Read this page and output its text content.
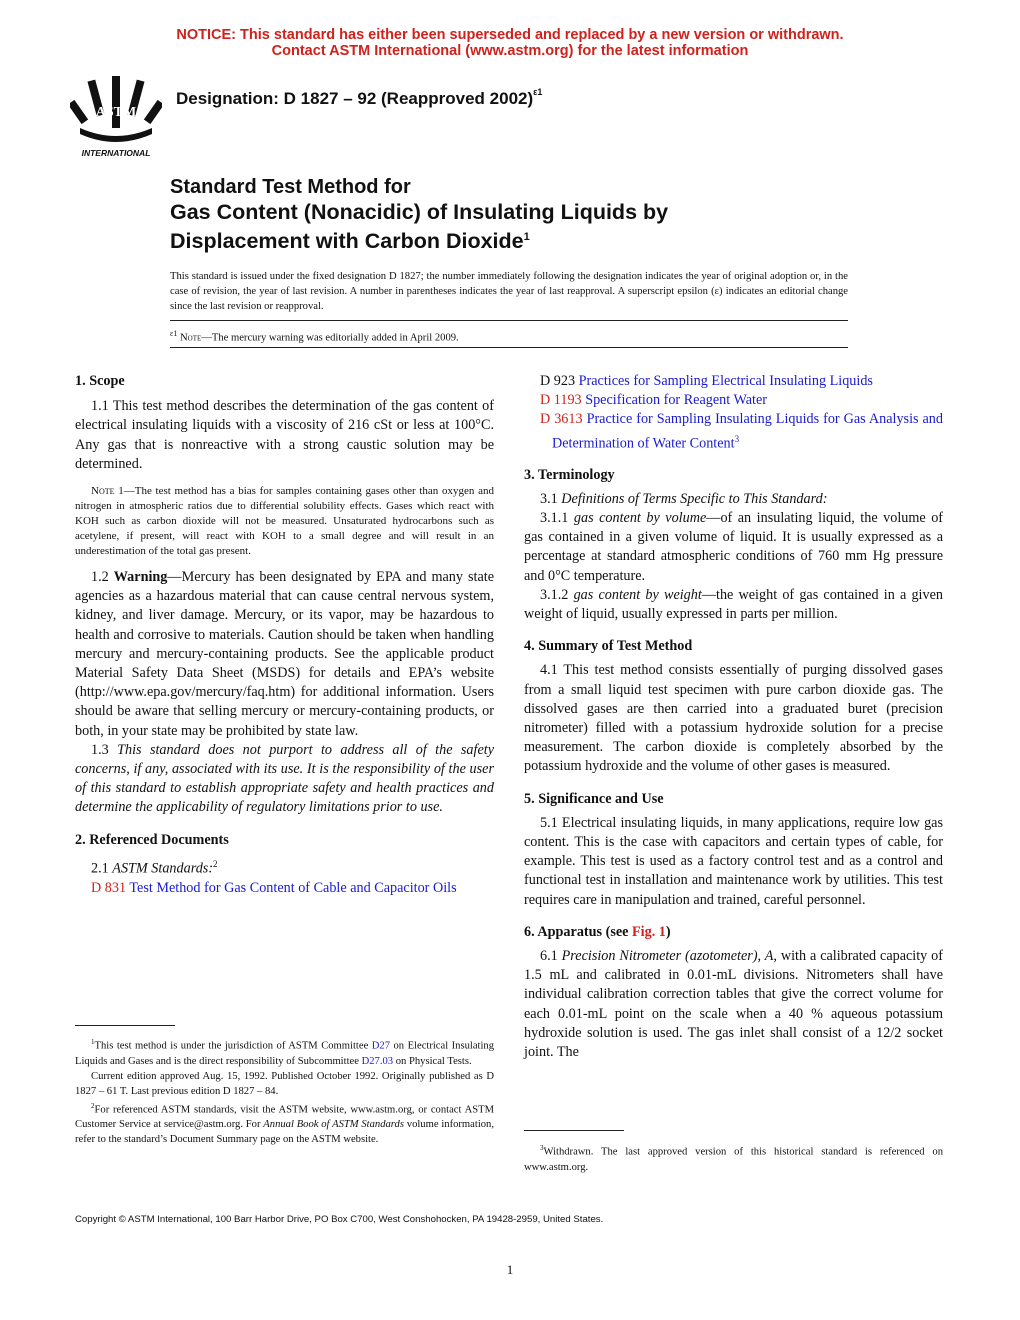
NOTICE: This standard has either been superseded and replaced by a new version or withdrawn.
Contact ASTM International (www.astm.org) for the latest information
ASTM
INTERNATIONAL
Designation: D 1827 – 92 (Reapproved 2002)$^{\varepsilon 1}$
Standard Test Method for
Gas Content (Nonacidic) of Insulating Liquids by
Displacement with Carbon Dioxide$^1$
This standard is issued under the fixed designation D 1827; the number immediately following the designation indicates the year of original adoption or, in the case of revision, the year of last revision. A number in parentheses indicates the year of last reapproval. A superscript epsilon (ε) indicates an editorial change since the last revision or reapproval.
$^{\varepsilon 1}$ Note—The mercury warning was editorially added in April 2009.

1. Scope

1.1 This test method describes the determination of the gas content of electrical insulating liquids with a viscosity of 216 cSt or less at 100°C. Any gas that is nonreactive with a strong caustic solution may be determined.

Note 1—The test method has a bias for samples containing gases other than oxygen and nitrogen in atmospheric ratios due to differential solubility effects. Gases which react with KOH such as carbon dioxide will not be measured. Unsaturated hydrocarbons such as acetylene, if present, will react with KOH to a small degree and will result in an underestimation of the total gas present.

1.2 Warning—Mercury has been designated by EPA and many state agencies as a hazardous material that can cause central nervous system, kidney, and liver damage. Mercury, or its vapor, may be hazardous to health and corrosive to materials. Caution should be taken when handling mercury and mercury-containing products. See the applicable product Material Safety Data Sheet (MSDS) for details and EPA’s website (http://www.epa.gov/mercury/faq.htm) for additional information. Users should be aware that selling mercury or mercury-containing products, or both, in your state may be prohibited by state law.

1.3 This standard does not purport to address all of the safety concerns, if any, associated with its use. It is the responsibility of the user of this standard to establish appropriate safety and health practices and determine the applicability of regulatory limitations prior to use.

2. Referenced Documents

2.1 ASTM Standards:$^2$

D 831 Test Method for Gas Content of Cable and Capacitor Oils

$^1$This test method is under the jurisdiction of ASTM Committee D27 on Electrical Insulating Liquids and Gases and is the direct responsibility of Subcommittee D27.03 on Physical Tests.

Current edition approved Aug. 15, 1992. Published October 1992. Originally published as D 1827 – 61 T. Last previous edition D 1827 – 84.

$^2$For referenced ASTM standards, visit the ASTM website, www.astm.org, or contact ASTM Customer Service at service@astm.org. For Annual Book of ASTM Standards volume information, refer to the standard’s Document Summary page on the ASTM website.

D 923 Practices for Sampling Electrical Insulating Liquids

D 1193 Specification for Reagent Water

D 3613 Practice for Sampling Insulating Liquids for Gas Analysis and Determination of Water Content$^3$

3. Terminology

3.1 Definitions of Terms Specific to This Standard:

3.1.1 gas content by volume—of an insulating liquid, the volume of gas contained in a given volume of liquid. It is usually expressed as a percentage at standard atmospheric conditions of 760 mm Hg pressure and 0°C temperature.

3.1.2 gas content by weight—the weight of gas contained in a given weight of liquid, usually expressed in parts per million.

4. Summary of Test Method

4.1 This test method consists essentially of purging dissolved gases from a small liquid test specimen with pure carbon dioxide gas. The dissolved gases are then carried into a graduated buret (precision nitrometer) filled with a potassium hydroxide solution for a precise measurement. The carbon dioxide is completely absorbed by the potassium hydroxide and the volume of other gases is measured.

5. Significance and Use

5.1 Electrical insulating liquids, in many applications, require low gas content. This is the case with capacitors and certain types of cable, for example. This test is used as a factory control test and as a control and functional test in installation and maintenance work by utilities. This test requires care in manipulation and trained, careful personnel.

6. Apparatus (see Fig. 1)

6.1 Precision Nitrometer (azotometer), A, with a calibrated capacity of 1.5 mL and calibrated in 0.01-mL divisions. Nitrometers shall have individual calibration correction tables that give the correct volume for each 0.01-mL point on the scale when a 40 % aqueous potassium hydroxide solution is used. The gas inlet shall consist of a 12/2 socket joint. The

$^3$Withdrawn. The last approved version of this historical standard is referenced on www.astm.org.

Copyright © ASTM International, 100 Barr Harbor Drive, PO Box C700, West Conshohocken, PA 19428-2959, United States.
1
